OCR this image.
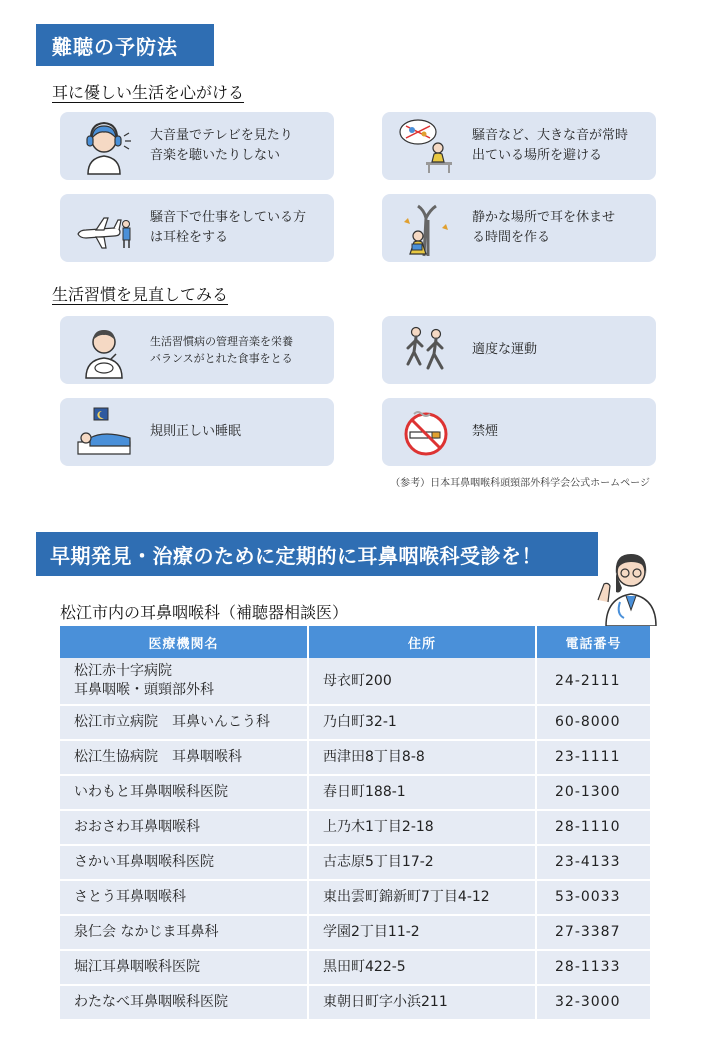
難聴の予防法
耳に優しい生活を心がける
大音量でテレビを見たり
音楽を聴いたりしない
騒音など、大きな音が常時
出ている場所を避ける
騒音下で仕事をしている方
は耳栓をする
静かな場所で耳を休ませ
る時間を作る
生活習慣を見直してみる
生活習慣病の管理音楽を栄養
バランスがとれた食事をとる
適度な運動
規則正しい睡眠	禁煙
（参考）日本耳鼻咽喉科頭頸部外科学会公式ホームページ
早期発見・治療のために定期的に耳鼻咽喉科受診を！
松江市内の耳鼻咽喉科（補聴器相談医）
医療機関名	住所	電話番号
松江赤十字病院
耳鼻咽喉・頭頸部外科	母衣町200	24-2111
松江市立病院　耳鼻いんこう科	乃白町32-1	60-8000
松江生協病院　耳鼻咽喉科	西津田8丁目8-8	23-1111
いわもと耳鼻咽喉科医院	春日町188-1	20-1300
おおさわ耳鼻咽喉科	上乃木1丁目2-18	28-1110
さかい耳鼻咽喉科医院	古志原5丁目17-2	23-4133
さとう耳鼻咽喉科	東出雲町錦新町7丁目4-12	53-0033
泉仁会 なかじま耳鼻科	学園2丁目11-2	27-3387
堀江耳鼻咽喉科医院	黒田町422-5	28-1133
わたなべ耳鼻咽喉科医院	東朝日町字小浜211	32-3000
